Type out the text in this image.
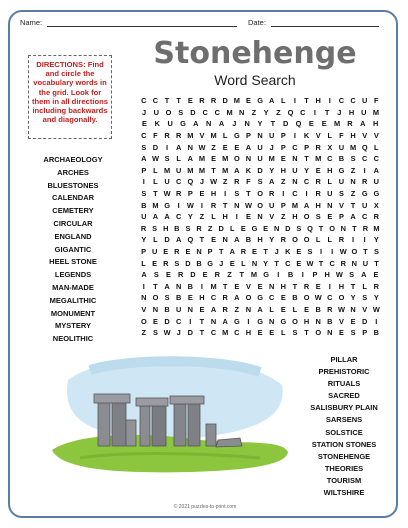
Name:	Date:
Stonehenge
Word Search
DIRECTIONS: Find and circle the vocabulary words in the grid. Look for them in all directions including backwards and diagonally.
C C T T E R R D M E G A L	I	T H	I	C C U F
J	U O S D C C M N Z	Y	Z Q C	I	T	J	H U M
E	K	U G A	N	A	J	N	Y	T	D Q	E	E M R	A	H
C F R R M V M L G P N U P	I	K V L F H V V
S D	I	A N W Z E E A U J P C P R X U M Q L
A W S L A M E M O N U M E N T M C B S C C
P L M U M M T M A K D Y H U Y E H G Z	I	A
I	L U C Q J W Z R F S A Z N C R L U N R U
S T W R P E H	I	S T O R	I	C	I	R U S Z G G
B M G	I W I	R T N W O U P M A H N V T U X
U A A C Y Z L H	I	E N V Z H O S E P A C R
R S H B S R Z D L E G E N D S Q T O N T R M
Y L D A Q T E N A B H Y R O O L L R	I	I	Y
P U E R E N P T A R E T J K E S	I	I W O T S
L E R S D B G J E L N Y T C E W T C R N U T
A S E R D E R Z	T M G	I	B	I	P H W S A E
I	T A N B	I	M T E V E N H T R E	I	H T L R
N O S B E H C R A O G C E B O W C O Y S Y
V N B U N E A R Z N A L E L E B R W N V W
O E D C	I	T N A G	I	G N G O H N B V E D	I
Z S W J D T C M C H E E L S T O N E S P B
ARCHAEOLOGY
ARCHES
BLUESTONES
CALENDAR
CEMETERY
CIRCULAR
ENGLAND
GIGANTIC
HEEL STONE
LEGENDS
MAN-MADE
MEGALITHIC
MONUMENT
MYSTERY
NEOLITHIC
PILLAR
PREHISTORIC
RITUALS
SACRED
SALISBURY PLAIN
SARSENS
SOLSTICE
STATION STONES
STONEHENGE
THEORIES
TOURISM
WILTSHIRE
© 2021 puzzles-to-print.com
